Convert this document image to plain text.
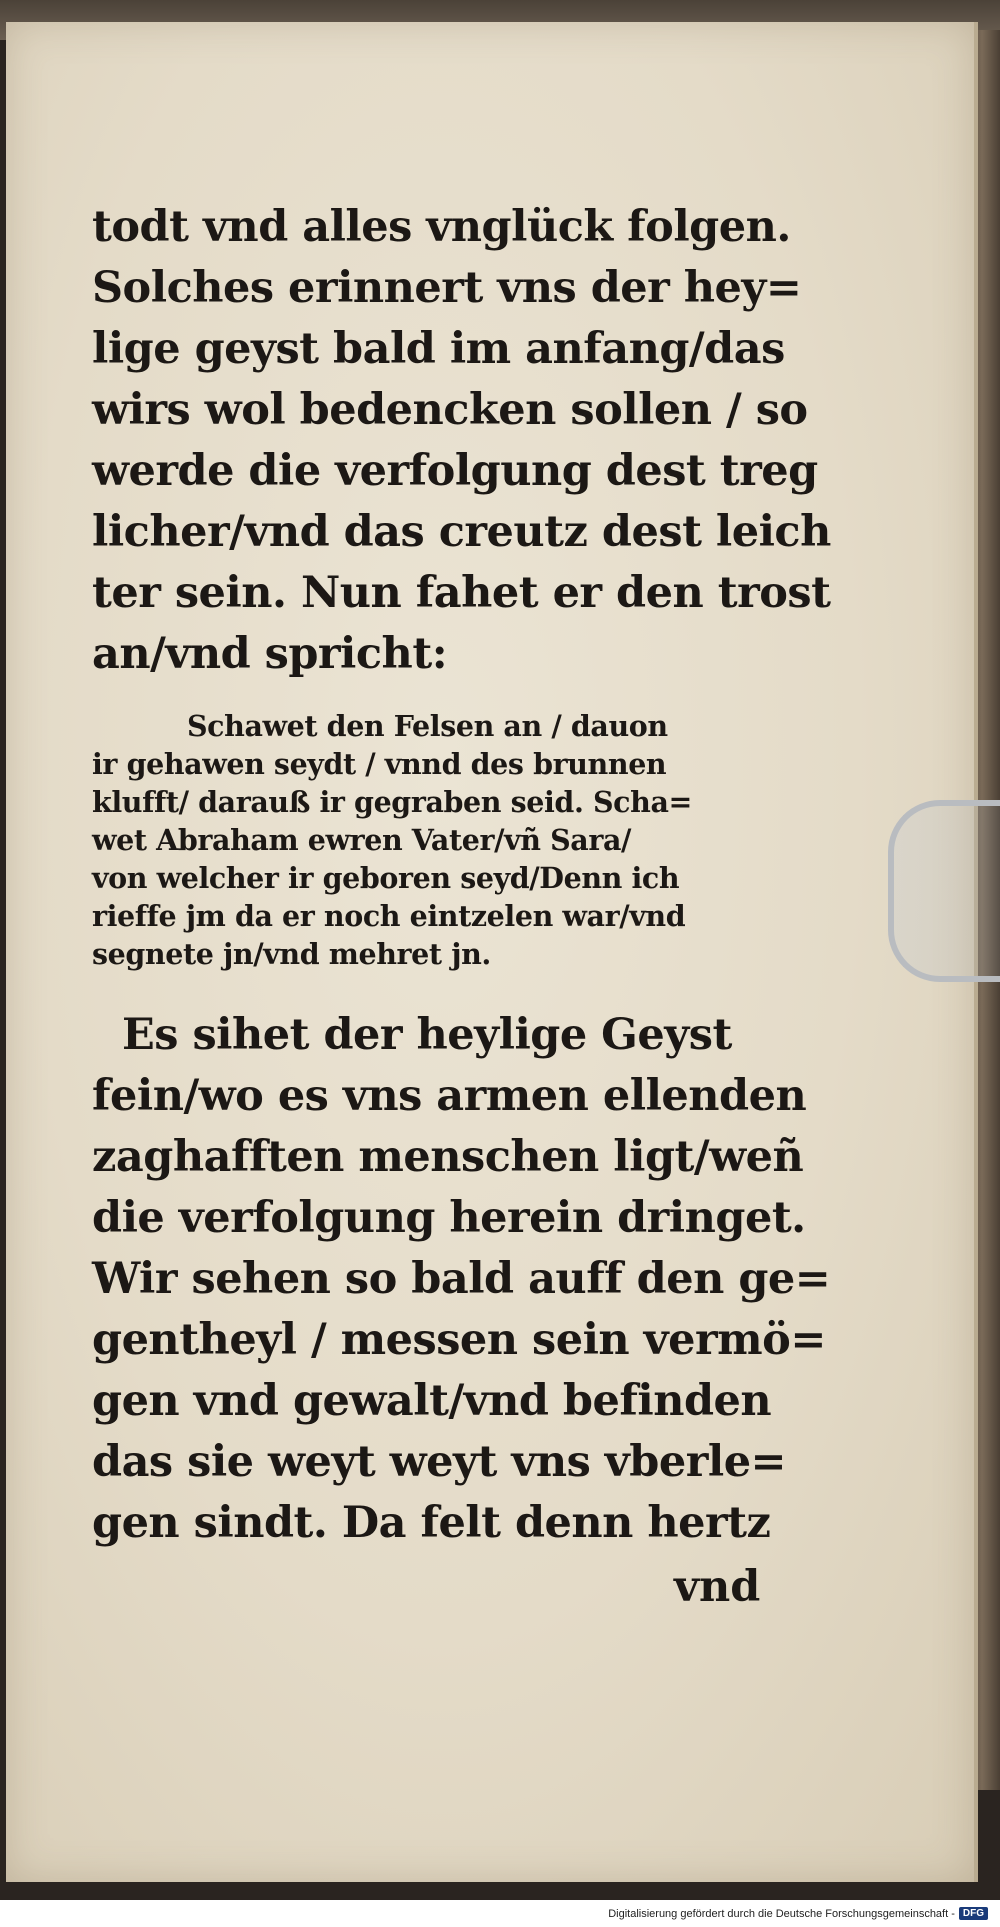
todt vnd alles vnglück folgen.
Solches erinnert vns der hey=
lige geyst bald im anfang/das
wirs wol bedencken sollen / so
werde die verfolgung dest treg
licher/vnd das creutz dest leich
ter sein. Nun fahet er den trost
an/vnd spricht:
Schawet den Felsen an / dauon
ir gehawen seydt / vnnd des brunnen
klufft/ darauß ir gegraben seid. Scha=
wet Abraham ewren Vater/vñ Sara/
von welcher ir geboren seyd/Denn ich
rieffe jm da er noch eintzelen war/vnd
segnete jn/vnd mehret jn.
Es sihet der heylige Geyst
fein/wo es vns armen ellenden
zaghafften menschen ligt/weñ
die verfolgung herein dringet.
Wir sehen so bald auff den ge=
gentheyl / messen sein vermö=
gen vnd gewalt/vnd befinden
das sie weyt weyt vns vberle=
gen sindt. Da felt denn hertz
vnd
Digitalisierung gefördert durch die Deutsche Forschungsgemeinschaft - DFG
